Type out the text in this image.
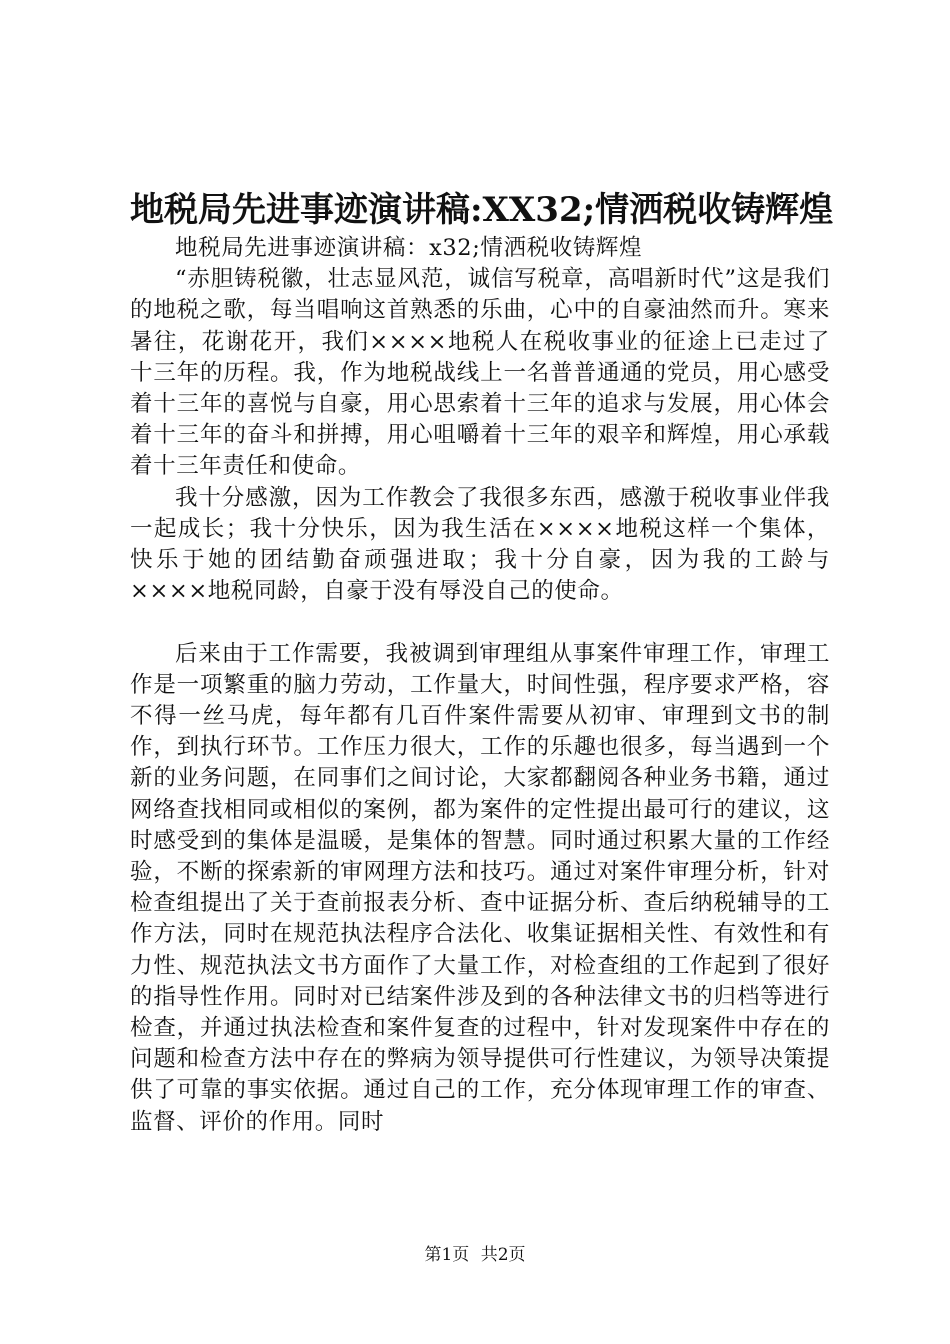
地税局先进事迹演讲稿:XX32;情洒税收铸辉煌

地税局先进事迹演讲稿：x32;情洒税收铸辉煌

“赤胆铸税徽，壮志显风范，诚信写税章，高唱新时代”这是我们的地税之歌，每当唱响这首熟悉的乐曲，心中的自豪油然而升。寒来暑往，花谢花开，我们××××地税人在税收事业的征途上已走过了十三年的历程。我，作为地税战线上一名普普通通的党员，用心感受着十三年的喜悦与自豪，用心思索着十三年的追求与发展，用心体会着十三年的奋斗和拼搏，用心咀嚼着十三年的艰辛和辉煌，用心承载着十三年责任和使命。

我十分感激，因为工作教会了我很多东西，感激于税收事业伴我一起成长；我十分快乐，因为我生活在××××地税这样一个集体，快乐于她的团结勤奋顽强进取；我十分自豪，因为我的工龄与××××地税同龄，自豪于没有辱没自己的使命。

后来由于工作需要，我被调到审理组从事案件审理工作，审理工作是一项繁重的脑力劳动，工作量大，时间性强，程序要求严格，容不得一丝马虎，每年都有几百件案件需要从初审、审理到文书的制作，到执行环节。工作压力很大，工作的乐趣也很多，每当遇到一个新的业务问题，在同事们之间讨论，大家都翻阅各种业务书籍，通过网络查找相同或相似的案例，都为案件的定性提出最可行的建议，这时感受到的集体是温暖，是集体的智慧。同时通过积累大量的工作经验，不断的探索新的审网理方法和技巧。通过对案件审理分析，针对检查组提出了关于查前报表分析、查中证据分析、查后纳税辅导的工作方法，同时在规范执法程序合法化、收集证据相关性、有效性和有力性、规范执法文书方面作了大量工作，对检查组的工作起到了很好的指导性作用。同时对已结案件涉及到的各种法律文书的归档等进行检查，并通过执法检查和案件复查的过程中，针对发现案件中存在的问题和检查方法中存在的弊病为领导提供可行性建议，为领导决策提供了可靠的事实依据。通过自己的工作，充分体现审理工作的审查、监督、评价的作用。同时

第1页 共2页
